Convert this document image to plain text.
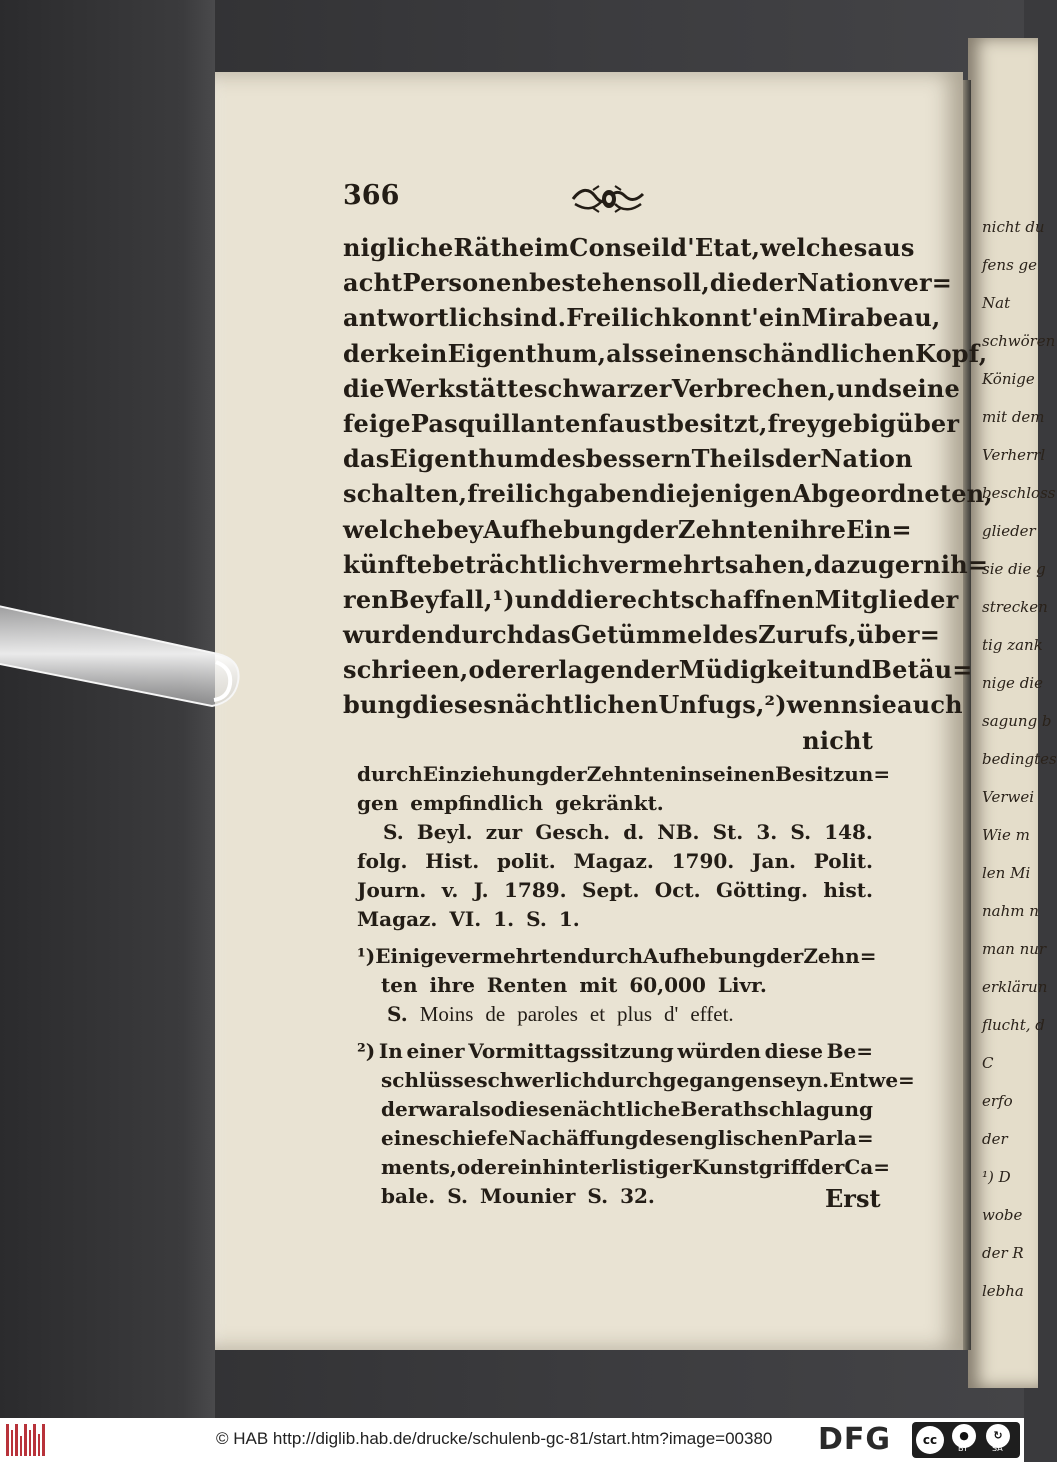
nicht du
fens ge
Nat
schwören
Könige
mit dem
Verherrl
beschloss
glieder
sie die g
strecken
tig zank
nige die
sagung b
bedingtes
Verwei
Wie m
len Mi
nahm n
man nur
erklärun
flucht, d
C
erfo
der
¹) D
wobe
der R
lebha
366
nigliche Räthe im Conseil d' Etat, welches aus
acht Personen bestehen soll, die der Nation ver=
antwortlich sind. Freilich konnt' ein Mirabeau,
der kein Eigenthum, als seinen schändlichen Kopf,
die Werkstätte schwarzer Verbrechen, und seine
feige Pasquillantenfaust besitzt, freygebig über
das Eigenthum des bessern Theils der Nation
schalten, freilich gaben diejenigen Abgeordneten,
welche bey Aufhebung der Zehnten ihre Ein=
künfte beträchtlich vermehrt sahen, dazu gern ih=
ren Beyfall, ¹) und die rechtschaffnen Mitglieder
wurden durch das Getümmel des Zurufs, über=
schrieen, oder erlagen der Müdigkeit und Betäu=
bung dieses nächtlichen Unfugs, ²) wenn sie auch
nicht
durch Einziehung der Zehnten in seinen Besitzun=
gen empfindlich gekränkt.
S. Beyl. zur Gesch. d. NB. St. 3. S. 148.
folg. Hist. polit. Magaz. 1790. Jan. Polit.
Journ. v. J. 1789. Sept. Oct. Götting. hist.
Magaz. VI. 1. S. 1.
¹) Einige vermehrten durch Aufhebung der Zehn=
ten ihre Renten mit 60,000 Livr.
S. Moins de paroles et plus d' effet.
²) In einer Vormittagssitzung würden diese Be=
schlüsse schwerlich durchgegangen seyn. Entwe=
der war also diese nächtliche Berathschlagung
eine schiefe Nachäffung des englischen Parla=
ments, oder ein hinterlistiger Kunstgriff der Ca=
bale. S. Mounier S. 32.	Erst
© HAB http://diglib.hab.de/drucke/schulenb-gc-81/start.htm?image=00380 DFG	cc	●	↻
BY	SA
